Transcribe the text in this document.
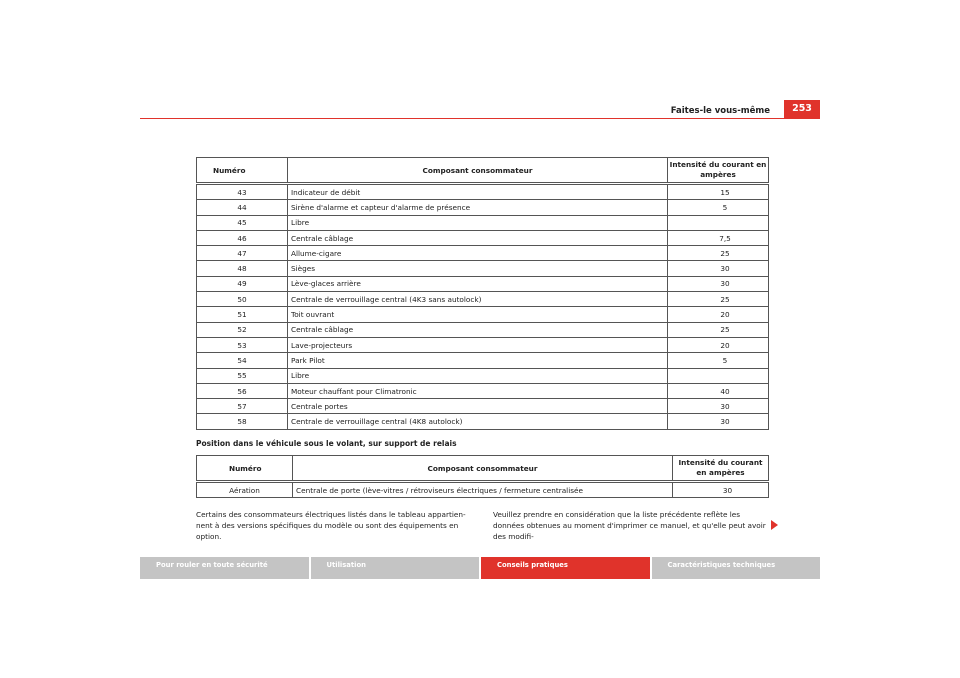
Faites-le vous-même	253
Numéro	Composant consommateur	Intensité du courant en ampères
43	Indicateur de débit	15
44	Sirène d'alarme et capteur d'alarme de présence	5
45	Libre	
46	Centrale câblage	7,5
47	Allume-cigare	25
48	Sièges	30
49	Lève-glaces arrière	30
50	Centrale de verrouillage central (4K3 sans autolock)	25
51	Toit ouvrant	20
52	Centrale câblage	25
53	Lave-projecteurs	20
54	Park Pilot	5
55	Libre	
56	Moteur chauffant pour Climatronic	40
57	Centrale portes	30
58	Centrale de verrouillage central (4K8 autolock)	30
Position dans le véhicule sous le volant, sur support de relais
Numéro	Composant consommateur	Intensité du courant en ampères
Aération	Centrale de porte (lève-vitres / rétroviseurs électriques / fermeture centralisée	30
Certains des consommateurs électriques listés dans le tableau appartien-nent à des versions spécifiques du modèle ou sont des équipements en option.
Veuillez prendre en considération que la liste précédente reflète les données obtenues au moment d'imprimer ce manuel, et qu'elle peut avoir des modifi-
Pour rouler en toute sécurité	Utilisation	Conseils pratiques	Caractéristiques techniques
